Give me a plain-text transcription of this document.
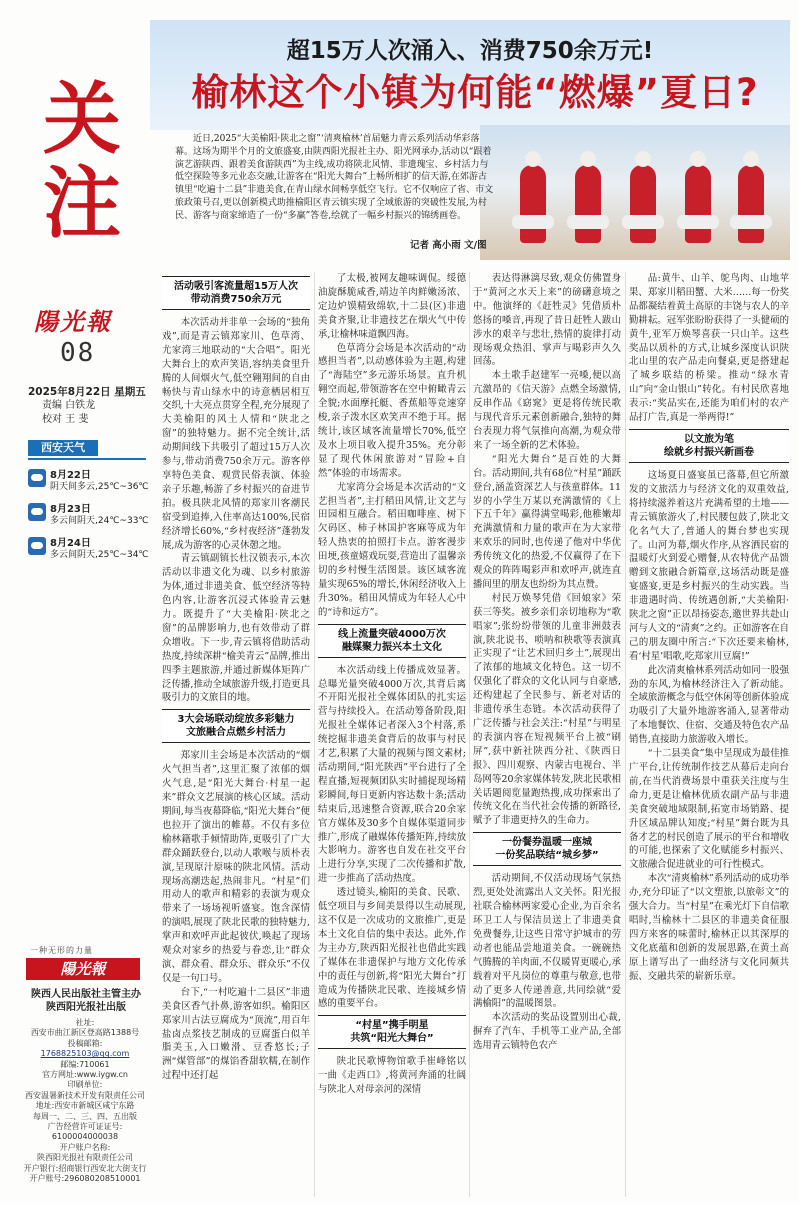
关
注
陽光報
08
2025年8月22日 星期五
责编 白铁龙
校对 王 斐
西安天气
8月22日
阴天间多云,25℃~36℃
8月23日
多云间阴天,24℃~33℃
8月24日
多云间阴天,25℃~34℃
一种无形的力量
陽光報
陕西人民出版社主管主办
陕西阳光报社出版
社址:
西安市曲江新区登高路1388号
投稿邮箱:
1768825103@qq.com
邮编:710061
官方网址:www.iygw.cn
印刷单位:
西安温暑新技术开发有限责任公司
地址:西安市新城区咸宁东路
每周一、二、三、四、五出版
广告经营许可证证号:
6100004000038
开户账户名称:
陕西阳光报社有限责任公司
开户银行:招商银行西安北大街支行
开户账号:296080208510001
超15万人次涌入、消费750余万元!
榆林这个小镇为何能“燃爆”夏日?
近日,2025“大美榆阳·陕北之窗”‘清爽榆林’首届魅力青云系列活动华彩落幕。这场为期半个月的文旅盛宴,由陕西阳光报社主办、阳光网承办,活动以“跟着演艺游陕西、跟着美食游陕西”为主线,成功将陕北风情、非遗瑰宝、乡村活力与低空探险等多元业态交融,让游客在“阳光大舞台”上畅所相扩的信天游,在郊游古镇里“吃遍十二县”非遗美食,在青山绿水间畅享低空飞行。它不仅响应了省、市文旅政策号召,更以创新模式助推榆阳区青云镇实现了全域旅游的突破性发展,为村民、游客与商家缔造了一份“多赢”答卷,绘就了一幅乡村振兴的锦绣画卷。
记者 高小雨 文/图
活动吸引客流量超15万人次
带动消费750余万元

本次活动并非单一会场的“独角戏”,而是青云镇郑家川、色草湾、尤家湾三地联动的“大合唱”。阳光大舞台上的欢声笑语,容纳美食里升腾的人间烟火气,低空翱翔间的自由畅快与青山绿水中的诗意栖居相互交织,十大亮点贯穿全程,充分展现了大美榆阳的风土人情和“陕北之窗”的独特魅力。据不完全统计,活动期间线下共吸引了超过15万人次参与,带动消费750余万元。游客停享特色美食、观赏民俗表演、体验亲子乐趣,畅游了乡村振兴的奋进节拍。极具陕北风情的郑家川客潮民宿受到追捧,入住率高达100%,民宿经济增长60%,“乡村夜经济”蓬勃发展,成为游客的心灵休憩之地。

青云镇副镇长杜汉锁表示,本次活动以非遗文化为魂、以乡村旅游为体,通过非遗美食、低空经济等特色内容,让游客沉浸式体验青云魅力。既提升了“大美榆阳·陕北之窗”的品牌影响力,也有效带动了群众增收。下一步,青云镇将借助活动热度,持续深耕“榆美青云”品牌,推出四季主题旅游,并通过新媒体矩阵广泛传播,推动全域旅游升级,打造更具吸引力的文旅目的地。

3大会场联动绽放多彩魅力
文旅融合点燃乡村活力

郑家川主会场是本次活动的“烟火气担当者”,这里汇聚了浓郁的烟火气息,是“阳光大舞台·村星一起来”群众文艺展演的核心区域。活动期间,每当夜幕降临,“阳光大舞台”便也拉开了演出的帷幕。不仅有多位榆林籍歌手倾情助阵,更吸引了广大群众踊跃登台,以动人歌喉与质朴表演,呈现原汁原味的陕北风情。活动现场高潮迭起,热闹非凡。“村星”们用动人的歌声和精彩的表演为观众带来了一场场视听盛宴。饱含深情的演唱,展现了陕北民歌的独特魅力,掌声和欢呼声此起彼伏,唤起了现场观众对家乡的热爱与眷恋,让“群众演、群众看、群众乐、群众乐”不仅仅是一句口号。

台下,“一村吃遍十二县区”非遗美食区香气扑鼻,游客如织。榆阳区郑家川古法豆腐成为“顶流”,用百年盐卤点浆技艺制成的豆腐蛋白似羊脂美玉,入口嫩滑、豆香悠长;子洲“煤管部”的煤馅香甜软糯,在制作过程中还打起

了太极,被网友趣味调侃。绥德油旋酥脆咸香,靖边羊肉鲜嫩汤浓、定边炉馍精致绵软,十二县(区)非遗美食齐聚,让非遗技艺在烟火气中传承,让榆林味道飘四海。

色草湾分会场是本次活动的“动感担当者”,以动感体验为主题,构建了“海陆空”多元游乐场景。直升机翱空而起,带领游客在空中俯瞰青云全貌;水面摩托艇、香蕉船等竞速穿梭,亲子泼水区欢笑声不绝于耳。据统计,该区域客流量增长70%,低空及水上项目收入提升35%。充分彰显了现代休闲旅游对“冒险+自然”体验的市场需求。

尤家湾分会场是本次活动的“文艺担当者”,主打稻田风情,让文艺与田园相互融合。稻田咖啡座、树下欠码区、柿子林国护客麻等成为年轻人热衷的拍照打卡点。游客漫步田埂,孩童嬉戏玩耍,营造出了温馨亲切的乡村慢生活图景。该区域客流量实现65%的增长,休闲经济收入上升30%。稻田风情成为年轻人心中的“诗和远方”。

线上流量突破4000万次
融媒聚力振兴本土文化

本次活动线上传播成效显著。总曝光量突破4000万次,其背后离不开阳光报社全媒体团队的扎实运营与持续投入。在活动筹备阶段,阳光报社全媒体记者深入3个村落,系统挖掘非遗美食背后的故事与村民才艺,积累了大量的视频与图文素材;活动期间,“阳光陕西”平台进行了全程直播,短视频团队实时捕捉现场精彩瞬间,每日更新内容达数十条;活动结束后,迅速整合资源,联合20余家官方媒体及30多个自媒体渠道同步推广,形成了融媒体传播矩阵,持续放大影响力。游客也自发在社交平台上进行分享,实现了二次传播和扩散,进一步推高了活动热度。

透过镜头,榆阳的美食、民歌、低空项目与乡间美景得以生动展现,这不仅是一次成功的文旅推广,更是本土文化自信的集中表达。此外,作为主办方,陕西阳光报社也借此实践了媒体在非遗保护与地方文化传承中的责任与创新,将“阳光大舞台”打造成为传播陕北民歌、连接城乡情感的重要平台。

“村星”携手明星
共筑“阳光大舞台”

陕北民歌博物馆歌手崔峰铭以一曲《走西口》,将黄河奔涌的壮阔与陕北人对母亲河的深情

表达得淋漓尽致,观众仿佛置身于“黄河之水天上来”的磅礴意境之中。他演绎的《赶牲灵》凭借质朴悠扬的嗓音,再现了昔日赶牲人跋山涉水的艰辛与悲壮,热情的旋律打动现场观众热泪、掌声与喝彩声久久回荡。

本土歌手赵建军一亮嗓,便以高亢激昂的《信天游》点燃全场激情,反串作品《窈窕》更是将传统民歌与现代音乐元素创新融合,独特的舞台表现力将气氛推向高潮,为观众带来了一场全新的艺术体验。

“阳光大舞台”是百姓的大舞台。活动期间,共有68位“村星”踊跃登台,涵盖资深艺人与孩童群体。11岁的小学生万某以充满激情的《上下五千年》赢得满堂喝彩,他稚嫩却充满激情和力量的歌声在为大家带来欢乐的同时,也传递了他对中华优秀传统文化的热爱,不仅赢得了在下观众的阵阵喝彩声和欢呼声,就连直播间里的朋友也纷纷为其点赞。

村民万焕琴凭借《回娘家》荣获三等奖。被乡亲们亲切地称为“歌唱家”;张纷纷带领的儿童非洲鼓表演,陕北说书、唢呐和秧歌等表演真正实现了“让艺术回归乡土”,展现出了浓郁的地域文化特色。这一切不仅强化了群众的文化认同与自豪感,还构建起了全民参与、新老对话的非遗传承生态链。本次活动获得了广泛传播与社会关注:“村星”与明星的表演内容在短视频平台上被“刷屏”,获中新社陕西分社、《陕西日报》、四川观察、内蒙古电视台、半岛网等20余家媒体转发,陕北民歌相关话题阅览量跑热搜,成功探索出了传统文化在当代社会传播的新路径,赋予了非遗更持久的生命力。

一份餐券温暖一座城
一份奖品联结“城乡梦”

活动期间,不仅活动现场气氛热烈,更处处流露出人文关怀。阳光报社联合榆林两家爱心企业,为百余名环卫工人与保洁员送上了非遗美食免费餐券,让这些日常守护城市的劳动者也能品尝地道美食。一碗碗热气腾腾的羊肉面,不仅暖胃更暖心,承载着对平凡岗位的尊重与敬意,也带动了更多人传递善意,共同绘就“爱满榆阳”的温暖图景。

本次活动的奖品设置别出心裁,摒弃了汽车、手机等工业产品,全部选用青云镇特色农产

品:黄牛、山羊、鸵鸟肉、山地苹果、郑家川稻田蟹、大米……每一份奖品都凝结着黄土高原的丰饶与农人的辛勤耕耘。冠军张盼盼获得了一头健硕的黄牛,亚军万焕琴喜获一只山羊。这些奖品以质朴的方式,让城乡深度认识陕北山里的农产品走向餐桌,更是搭建起了城乡联结的桥梁。推动“绿水青山”向“金山银山”转化。有村民欣喜地表示:“奖品实在,还能为咱们村的农产品打广告,真是一举两得!”

以文旅为笔
绘就乡村振兴新画卷

这场夏日盛宴虽已落幕,但它所激发的文旅活力与经济文化的双重效益,将持续滋养着这片充满希望的土地——青云镇旅游火了,村民腰包鼓了,陕北文化名气大了,普通人的舞台梦也实现了。山河为幕,烟火作序,从容洒民宿的温暖灯火到爱心赠餐,从农特优产品馈赠到文旅融合新篇章,这场活动既是盛宴盛宴,更是乡村振兴的生动实践。当非遗遇时尚、传统遇创新,“大美榆阳·陕北之窗”正以昂扬姿态,邀世界共赴山河与人文的“清爽”之约。正如游客在自己的朋友圈中所言:“下次还要来榆林,看‘村星’唱歌,吃郑家川豆腐!”

此次清爽榆林系列活动如同一股强劲的东风,为榆林经济注入了新动能。全域旅游概念与低空休闲等创新体验成功吸引了大量外地游客涌入,显著带动了本地餐饮、住宿、交通及特色农产品销售,直接助力旅游收入增长。

“十二县美食”集中呈现成为最佳推广平台,让传统制作技艺从幕后走向台前,在当代消费场景中重获关注度与生命力,更是让榆林优质农副产品与非遗美食突破地域限制,拓宽市场销路、提升区域品牌认知度;“村星”舞台既为具备才艺的村民创造了展示的平台和增收的可能,也探索了文化赋能乡村振兴、文旅融合促进就业的可行性模式。

本次“清爽榆林”系列活动的成功举办,充分印证了“以文塑旅,以旅彰文”的强大合力。当“村星”在乘光灯下自信歌唱时,当榆林十二县区的非遗美食征服四方来客的味蕾时,榆林正以其深厚的文化底蕴和创新的发展思路,在黄土高原上谱写出了一曲经济与文化同频共振、交融共荣的崭新乐章。
